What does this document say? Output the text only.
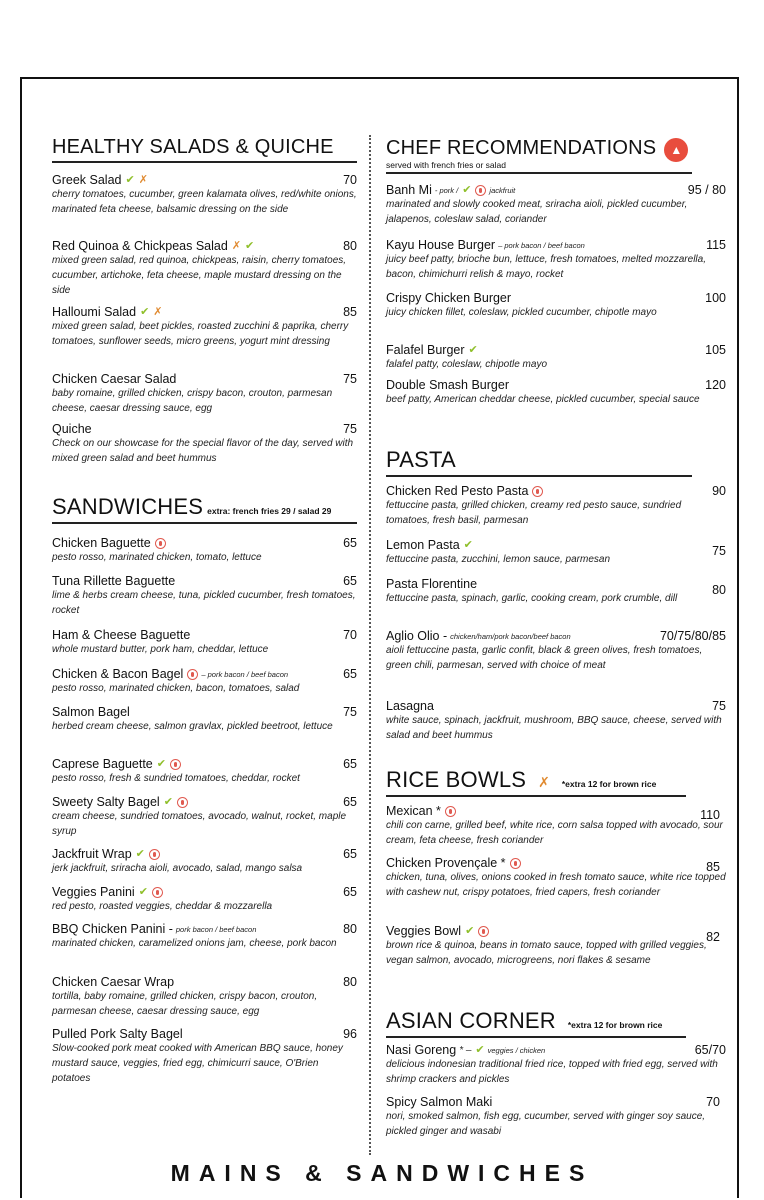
HEALTHY SALADS & QUICHE
Greek Salad ✔ ✗	70
cherry tomatoes, cucumber, green kalamata olives, red/white onions, marinated feta cheese, balsamic dressing on the side
Red Quinoa & Chickpeas Salad ✗ ✔	80
mixed green salad, red quinoa, chickpeas, raisin, cherry tomatoes, cucumber, artichoke, feta cheese, maple mustard dressing on the side
Halloumi Salad ✔ ✗	85
mixed green salad, beet pickles, roasted zucchini & paprika, cherry tomatoes, sunflower seeds, micro greens, yogurt mint dressing
Chicken Caesar Salad	75
baby romaine, grilled chicken, crispy bacon, crouton, parmesan cheese, caesar dressing sauce, egg
Quiche	75
Check on our showcase for the special flavor of the day, served with mixed green salad and beet hummus
SANDWICHES extra: french fries 29 / salad 29
Chicken Baguette	65
pesto rosso, marinated chicken, tomato, lettuce
Tuna Rillette Baguette	65
lime & herbs cream cheese, tuna, pickled cucumber, fresh tomatoes, rocket
Ham & Cheese Baguette	70
whole mustard butter, pork ham, cheddar, lettuce
Chicken & Bacon Bagel – pork bacon / beef bacon	65
pesto rosso, marinated chicken, bacon, tomatoes, salad
Salmon Bagel	75
herbed cream cheese, salmon gravlax, pickled beetroot, lettuce
Caprese Baguette ✔	65
pesto rosso, fresh & sundried tomatoes, cheddar, rocket
Sweety Salty Bagel ✔	65
cream cheese, sundried tomatoes, avocado, walnut, rocket, maple syrup
Jackfruit Wrap ✔	65
jerk jackfruit, sriracha aioli, avocado, salad, mango salsa
Veggies Panini ✔	65
red pesto, roasted veggies, cheddar & mozzarella
BBQ Chicken Panini - pork bacon / beef bacon	80
marinated chicken, caramelized onions jam, cheese, pork bacon
Chicken Caesar Wrap	80
tortilla, baby romaine, grilled chicken, crispy bacon, crouton, parmesan cheese, caesar dressing sauce, egg
Pulled Pork Salty Bagel	96
Slow-cooked pork meat cooked with American BBQ sauce, honey mustard sauce, veggies, fried egg, chimicurri sauce, O'Brien potatoes
CHEF RECOMMENDATIONS ▲
served with french fries or salad
Banh Mi - pork / ✔ jackfruit	95 / 80
marinated and slowly cooked meat, sriracha aioli, pickled cucumber, jalapenos, coleslaw salad, coriander
Kayu House Burger – pork bacon / beef bacon	115
juicy beef patty, brioche bun, lettuce, fresh tomatoes, melted mozzarella, bacon, chimichurri relish & mayo, rocket
Crispy Chicken Burger	100
juicy chicken fillet, coleslaw, pickled cucumber, chipotle mayo
Falafel Burger ✔	105
falafel patty, coleslaw, chipotle mayo
Double Smash Burger	120
beef patty, American cheddar cheese, pickled cucumber, special sauce
PASTA
Chicken Red Pesto Pasta	90
fettuccine pasta, grilled chicken, creamy red pesto sauce, sundried tomatoes, fresh basil, parmesan
Lemon Pasta ✔	75
fettuccine pasta, zucchini, lemon sauce, parmesan
Pasta Florentine	80
fettuccine pasta, spinach, garlic, cooking cream, pork crumble, dill
Aglio Olio - chicken/ham/pork bacon/beef bacon	70/75/80/85
aioli fettuccine pasta, garlic confit, black & green olives, fresh tomatoes, green chili, parmesan, served with choice of meat
Lasagna	75
white sauce, spinach, jackfruit, mushroom, BBQ sauce, cheese, served with salad and beet hummus
RICE BOWLS ✗ *extra 12 for brown rice
Mexican *	110
chili con carne, grilled beef, white rice, corn salsa topped with avocado, sour cream, feta cheese, fresh coriander
Chicken Provençale *	85
chicken, tuna, olives, onions cooked in fresh tomato sauce, white rice topped with cashew nut, crispy potatoes, fried capers, fresh coriander
Veggies Bowl ✔	82
brown rice & quinoa, beans in tomato sauce, topped with grilled veggies, vegan salmon, avocado, microgreens, nori flakes & sesame
ASIAN CORNER *extra 12 for brown rice
Nasi Goreng * – ✔ veggies / chicken	65/70
delicious indonesian traditional fried rice, topped with fried egg, served with shrimp crackers and pickles
Spicy Salmon Maki	70
nori, smoked salmon, fish egg, cucumber, served with ginger soy sauce, pickled ginger and wasabi
MAINS & SANDWICHES
